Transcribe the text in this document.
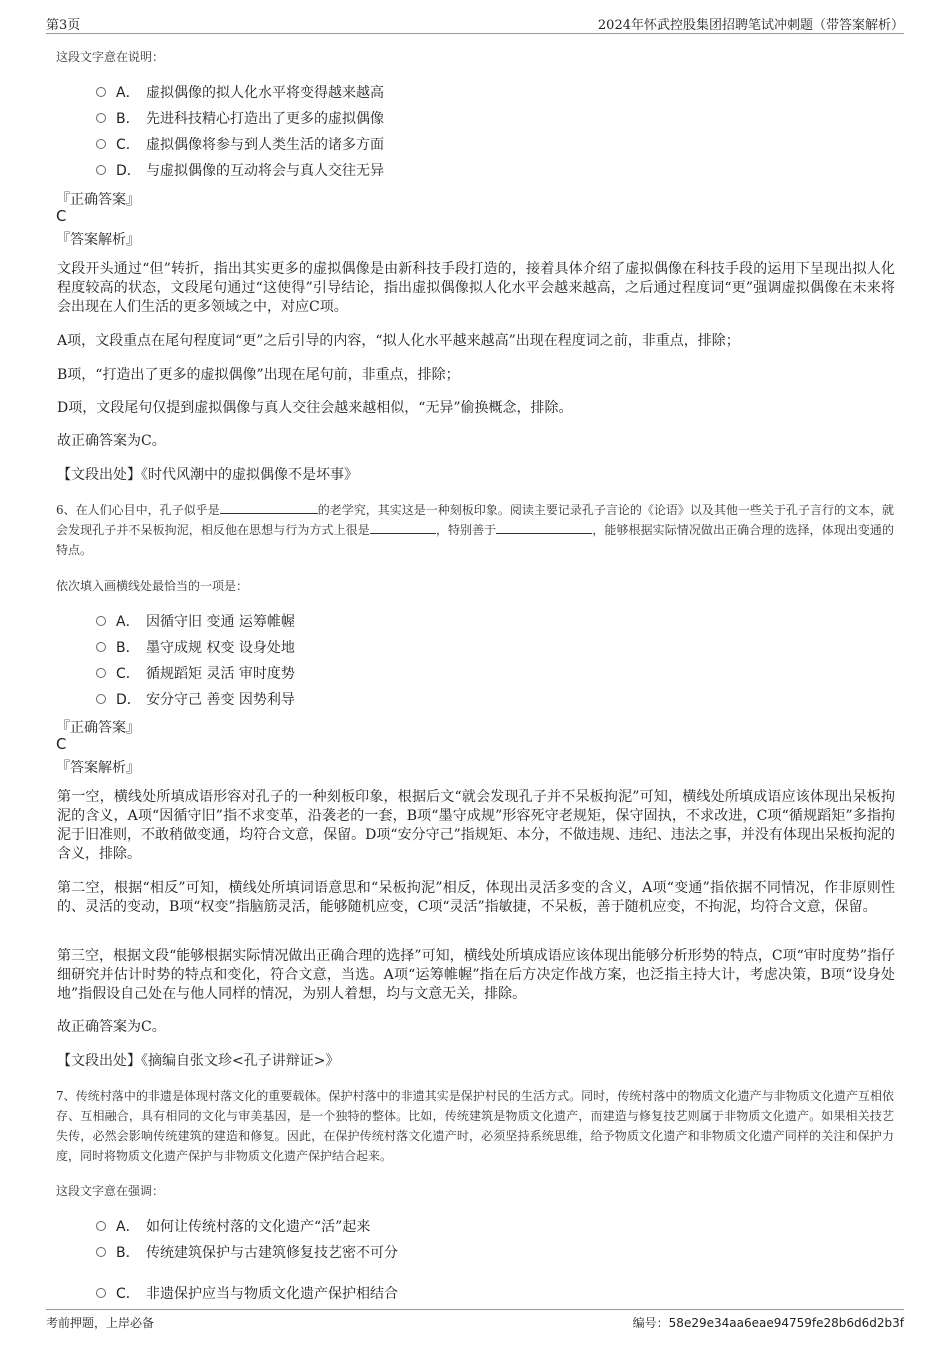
第3页	2024年怀武控股集团招聘笔试冲刺题（带答案解析）
这段文字意在说明：
A． 虚拟偶像的拟人化水平将变得越来越高
B． 先进科技精心打造出了更多的虚拟偶像
C． 虚拟偶像将参与到人类生活的诸多方面
D． 与虚拟偶像的互动将会与真人交往无异
『正确答案』
C
『答案解析』
文段开头通过“但”转折，指出其实更多的虚拟偶像是由新科技手段打造的，接着具体介绍了虚拟偶像在科技手段的运用下呈现出拟人化程度较高的状态，文段尾句通过“这使得”引导结论，指出虚拟偶像拟人化水平会越来越高，之后通过程度词“更”强调虚拟偶像在未来将会出现在人们生活的更多领域之中，对应C项。
A项，文段重点在尾句程度词“更”之后引导的内容，“拟人化水平越来越高”出现在程度词之前，非重点，排除；
B项，“打造出了更多的虚拟偶像”出现在尾句前，非重点，排除；
D项，文段尾句仅提到虚拟偶像与真人交往会越来越相似，“无异”偷换概念，排除。
故正确答案为C。
【文段出处】《时代风潮中的虚拟偶像不是坏事》
6、在人们心目中，孔子似乎是	的老学究，其实这是一种刻板印象。阅读主要记录孔子言论的《论语》以及其他一些关于孔子言行的文本，就会发现孔子并不呆板拘泥，相反他在思想与行为方式上很是	，特别善于	，能够根据实际情况做出正确合理的选择，体现出变通的特点。
依次填入画横线处最恰当的一项是：
A． 因循守旧 变通 运筹帷幄
B． 墨守成规 权变 设身处地
C． 循规蹈矩 灵活 审时度势
D． 安分守己 善变 因势利导
『正确答案』
C
『答案解析』
第一空，横线处所填成语形容对孔子的一种刻板印象，根据后文“就会发现孔子并不呆板拘泥”可知，横线处所填成语应该体现出呆板拘泥的含义，A项“因循守旧”指不求变革，沿袭老的一套，B项“墨守成规”形容死守老规矩，保守固执，不求改进，C项“循规蹈矩”多指拘泥于旧准则，不敢稍做变通，均符合文意，保留。D项“安分守己”指规矩、本分，不做违规、违纪、违法之事，并没有体现出呆板拘泥的含义，排除。
第二空，根据“相反”可知，横线处所填词语意思和“呆板拘泥”相反，体现出灵活多变的含义，A项“变通”指依据不同情况，作非原则性的、灵活的变动，B项“权变”指脑筋灵活，能够随机应变，C项“灵活”指敏捷，不呆板，善于随机应变，不拘泥，均符合文意，保留。
第三空，根据文段“能够根据实际情况做出正确合理的选择”可知，横线处所填成语应该体现出能够分析形势的特点，C项“审时度势”指仔细研究并估计时势的特点和变化，符合文意，当选。A项“运筹帷幄”指在后方决定作战方案，也泛指主持大计，考虑决策，B项“设身处地”指假设自己处在与他人同样的情况，为别人着想，均与文意无关，排除。
故正确答案为C。
【文段出处】《摘编自张文珍<孔子讲辩证>》
7、传统村落中的非遗是体现村落文化的重要载体。保护村落中的非遗其实是保护村民的生活方式。同时，传统村落中的物质文化遗产与非物质文化遗产互相依存、互相融合，具有相同的文化与审美基因，是一个独特的整体。比如，传统建筑是物质文化遗产，而建造与修复技艺则属于非物质文化遗产。如果相关技艺失传，必然会影响传统建筑的建造和修复。因此，在保护传统村落文化遗产时，必须坚持系统思维，给予物质文化遗产和非物质文化遗产同样的关注和保护力度，同时将物质文化遗产保护与非物质文化遗产保护结合起来。
这段文字意在强调：
A． 如何让传统村落的文化遗产“活”起来
B． 传统建筑保护与古建筑修复技艺密不可分
C． 非遗保护应当与物质文化遗产保护相结合
考前押题，上岸必备	编号：58e29e34aa6eae94759fe28b6d6d2b3f
